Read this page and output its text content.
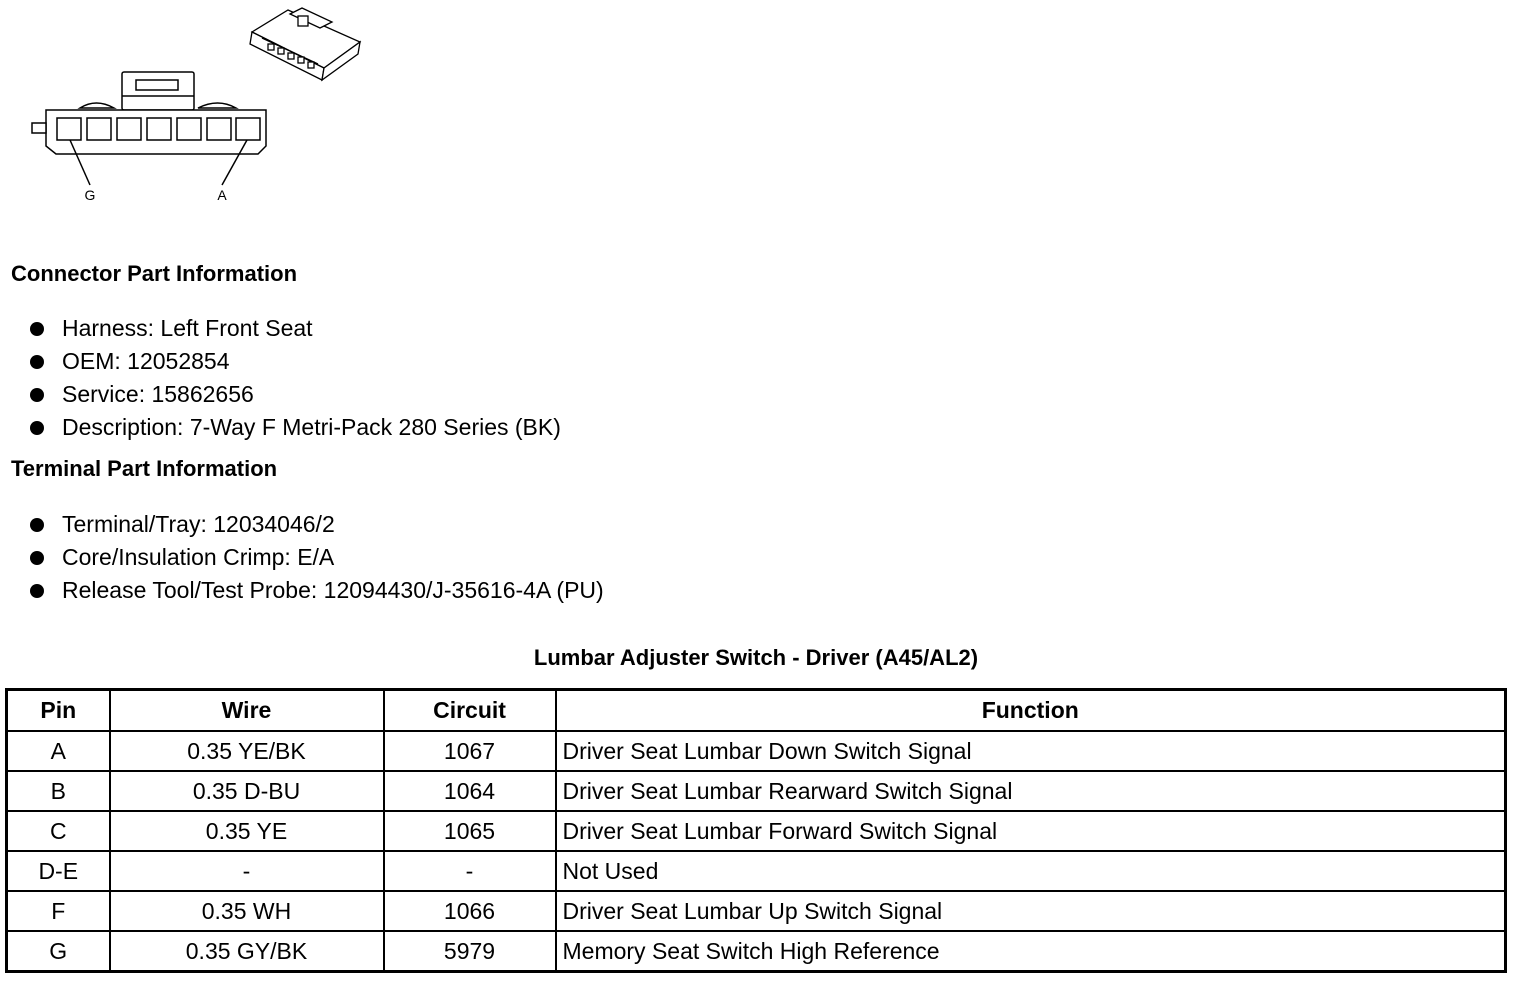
G	A
Connector Part Information
Harness: Left Front Seat
OEM: 12052854
Service: 15862656
Description: 7-Way F Metri-Pack 280 Series (BK)
Terminal Part Information
Terminal/Tray: 12034046/2
Core/Insulation Crimp: E/A
Release Tool/Test Probe: 12094430/J-35616-4A (PU)
Lumbar Adjuster Switch - Driver (A45/AL2)
Pin	Wire	Circuit	Function
A	0.35 YE/BK	1067	Driver Seat Lumbar Down Switch Signal
B	0.35 D-BU	1064	Driver Seat Lumbar Rearward Switch Signal
C	0.35 YE	1065	Driver Seat Lumbar Forward Switch Signal
D-E	-	-	Not Used
F	0.35 WH	1066	Driver Seat Lumbar Up Switch Signal
G	0.35 GY/BK	5979	Memory Seat Switch High Reference
